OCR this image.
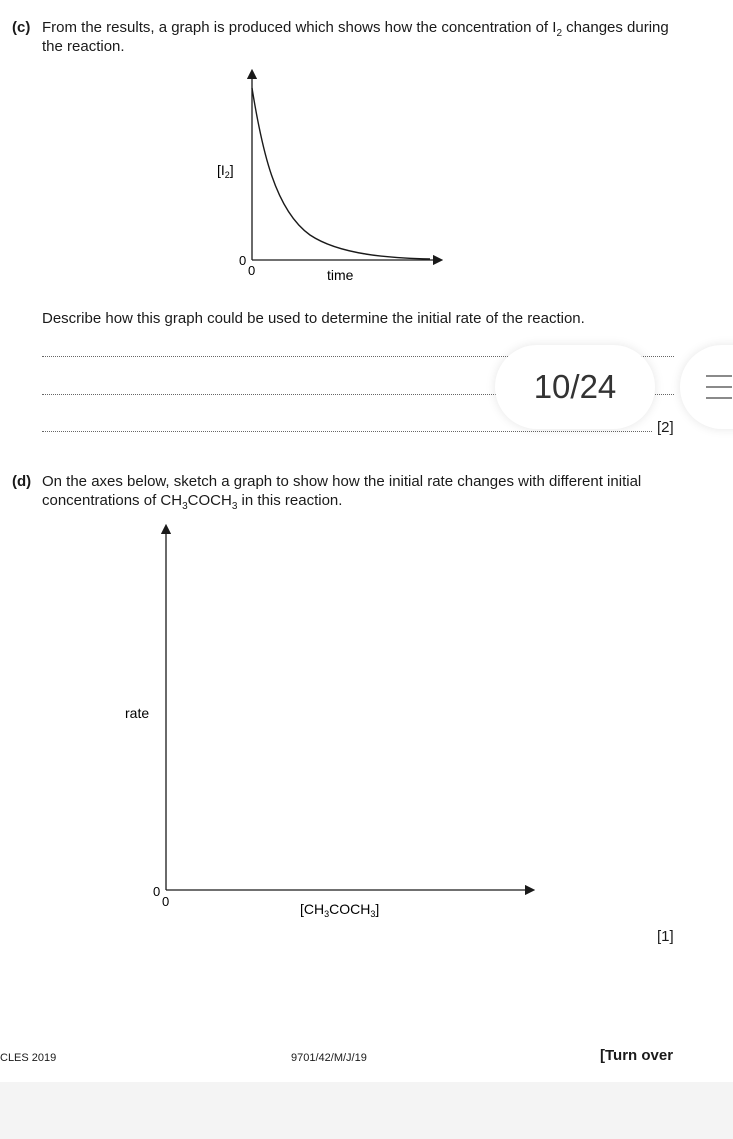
(c) From the results, a graph is produced which shows how the concentration of $I_2$ changes during
the reaction.
$[I_2]$
0
0	time
Describe how this graph could be used to determine the initial rate of the reaction.
[2]
(d) On the axes below, sketch a graph to show how the initial rate changes with different initial
concentrations of $CH_3COCH_3$ in this reaction.
rate
0
0	$[CH_3COCH_3]$
[1]
CLES 2019	9701/42/M/J/19	[Turn over
10/24
